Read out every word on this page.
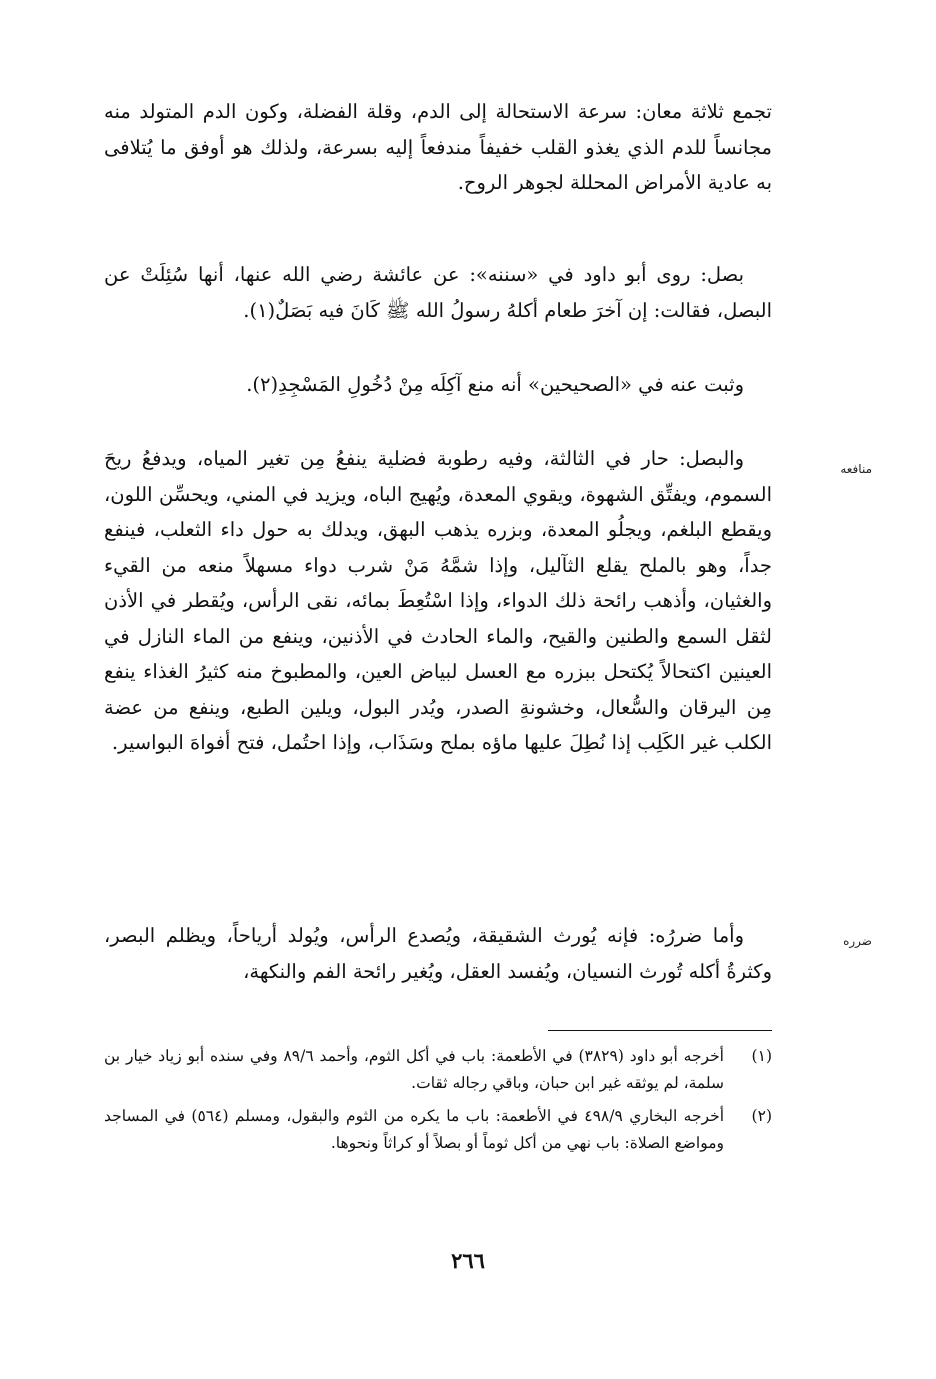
تجمع ثلاثة معان: سرعة الاستحالة إلى الدم، وقلة الفضلة، وكون الدم المتولد منه مجانساً للدم الذي يغذو القلب خفيفاً مندفعاً إليه بسرعة، ولذلك هو أوفق ما يُتلافى به عادية الأمراض المحللة لجوهر الروح.

بصل: روى أبو داود في «سننه»: عن عائشة رضي الله عنها، أنها سُئِلَتْ عن البصل، فقالت: إن آخرَ طعام أكلهُ رسولُ الله ﷺ كَانَ فيه بَصَلٌ(١).

وثبت عنه في «الصحيحين» أنه منع آكِلَه مِنْ دُخُولِ المَسْجِدِ(٢).

منافعه

والبصل: حار في الثالثة، وفيه رطوبة فضلية ينفعُ مِن تغير المياه، ويدفعُ ريحَ السموم، ويفتِّق الشهوة، ويقوي المعدة، ويُهيج الباه، ويزيد في المني، ويحسِّن اللون، ويقطع البلغم، ويجلُو المعدة، وبزره يذهب البهق، ويدلك به حول داء الثعلب، فينفع جداً، وهو بالملح يقلع الثآليل، وإذا شمَّهُ مَنْ شرب دواء مسهلاً منعه من القيء والغثيان، وأذهب رائحة ذلك الدواء، وإذا اسْتُعِطَ بمائه، نقى الرأس، ويُقطر في الأذن لثقل السمع والطنين والقيح، والماء الحادث في الأذنين، وينفع من الماء النازل في العينين اكتحالاً يُكتحل ببزره مع العسل لبياض العين، والمطبوخ منه كثيرُ الغذاء ينفع مِن اليرقان والسُّعال، وخشونةِ الصدر، ويُدر البول، ويلين الطبع، وينفع من عضة الكلب غير الكَلِب إذا نُطِلَ عليها ماؤه بملح وسَذَاب، وإذا احتُمل، فتح أفواهَ البواسير.

ضرره

وأما ضررُه: فإنه يُورث الشقيقة، ويُصدع الرأس، ويُولد أرياحاً، ويظلم البصر، وكثرةُ أكله تُورث النسيان، ويُفسد العقل، ويُغير رائحة الفم والنكهة،

(١)
أخرجه أبو داود (٣٨٢٩) في الأطعمة: باب في أكل الثوم، وأحمد ٨٩/٦ وفي سنده أبو زياد خيار بن سلمة، لم يوثقه غير ابن حبان، وباقي رجاله ثقات.
(٢)
أخرجه البخاري ٤٩٨/٩ في الأطعمة: باب ما يكره من الثوم والبقول، ومسلم (٥٦٤) في المساجد ومواضع الصلاة: باب نهي من أكل ثوماً أو بصلاً أو كراثاً ونحوها.
٢٦٦
